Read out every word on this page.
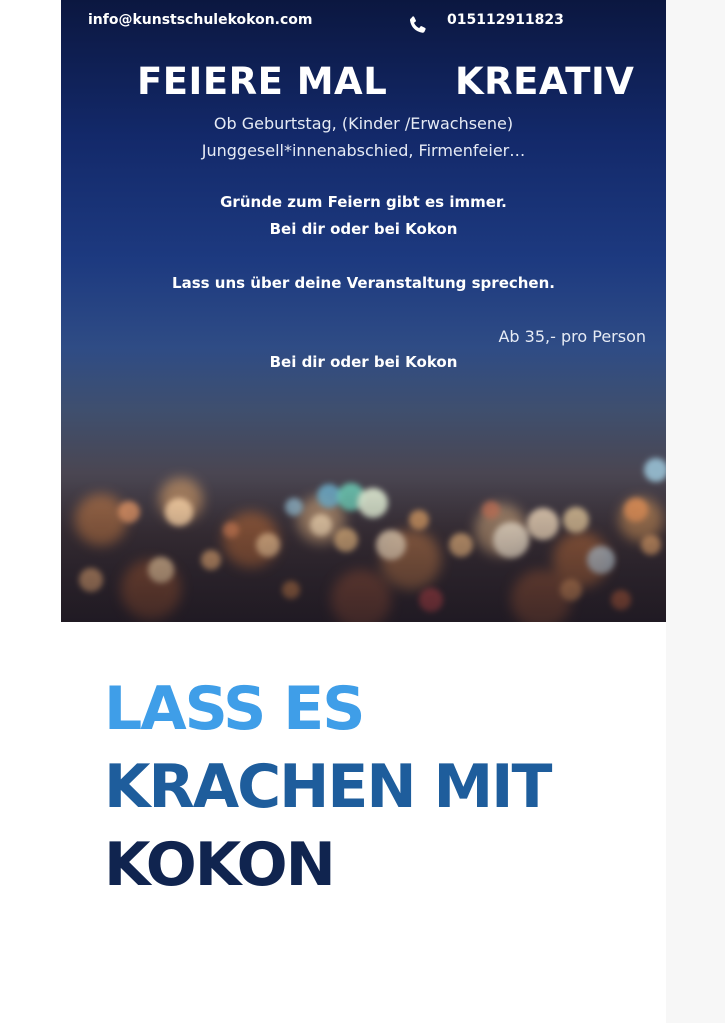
info@kunstschulekokon.com	015112911823
FEIERE MAL KREATIV
Ob Geburtstag, (Kinder /Erwachsene)
Junggesell*innenabschied, Firmenfeier…
Gründe zum Feiern gibt es immer.
Bei dir oder bei Kokon
Lass uns über deine Veranstaltung sprechen.
Ab 35,- pro Person
Bei dir oder bei Kokon
LASS ES
KRACHEN MIT
KOKON
